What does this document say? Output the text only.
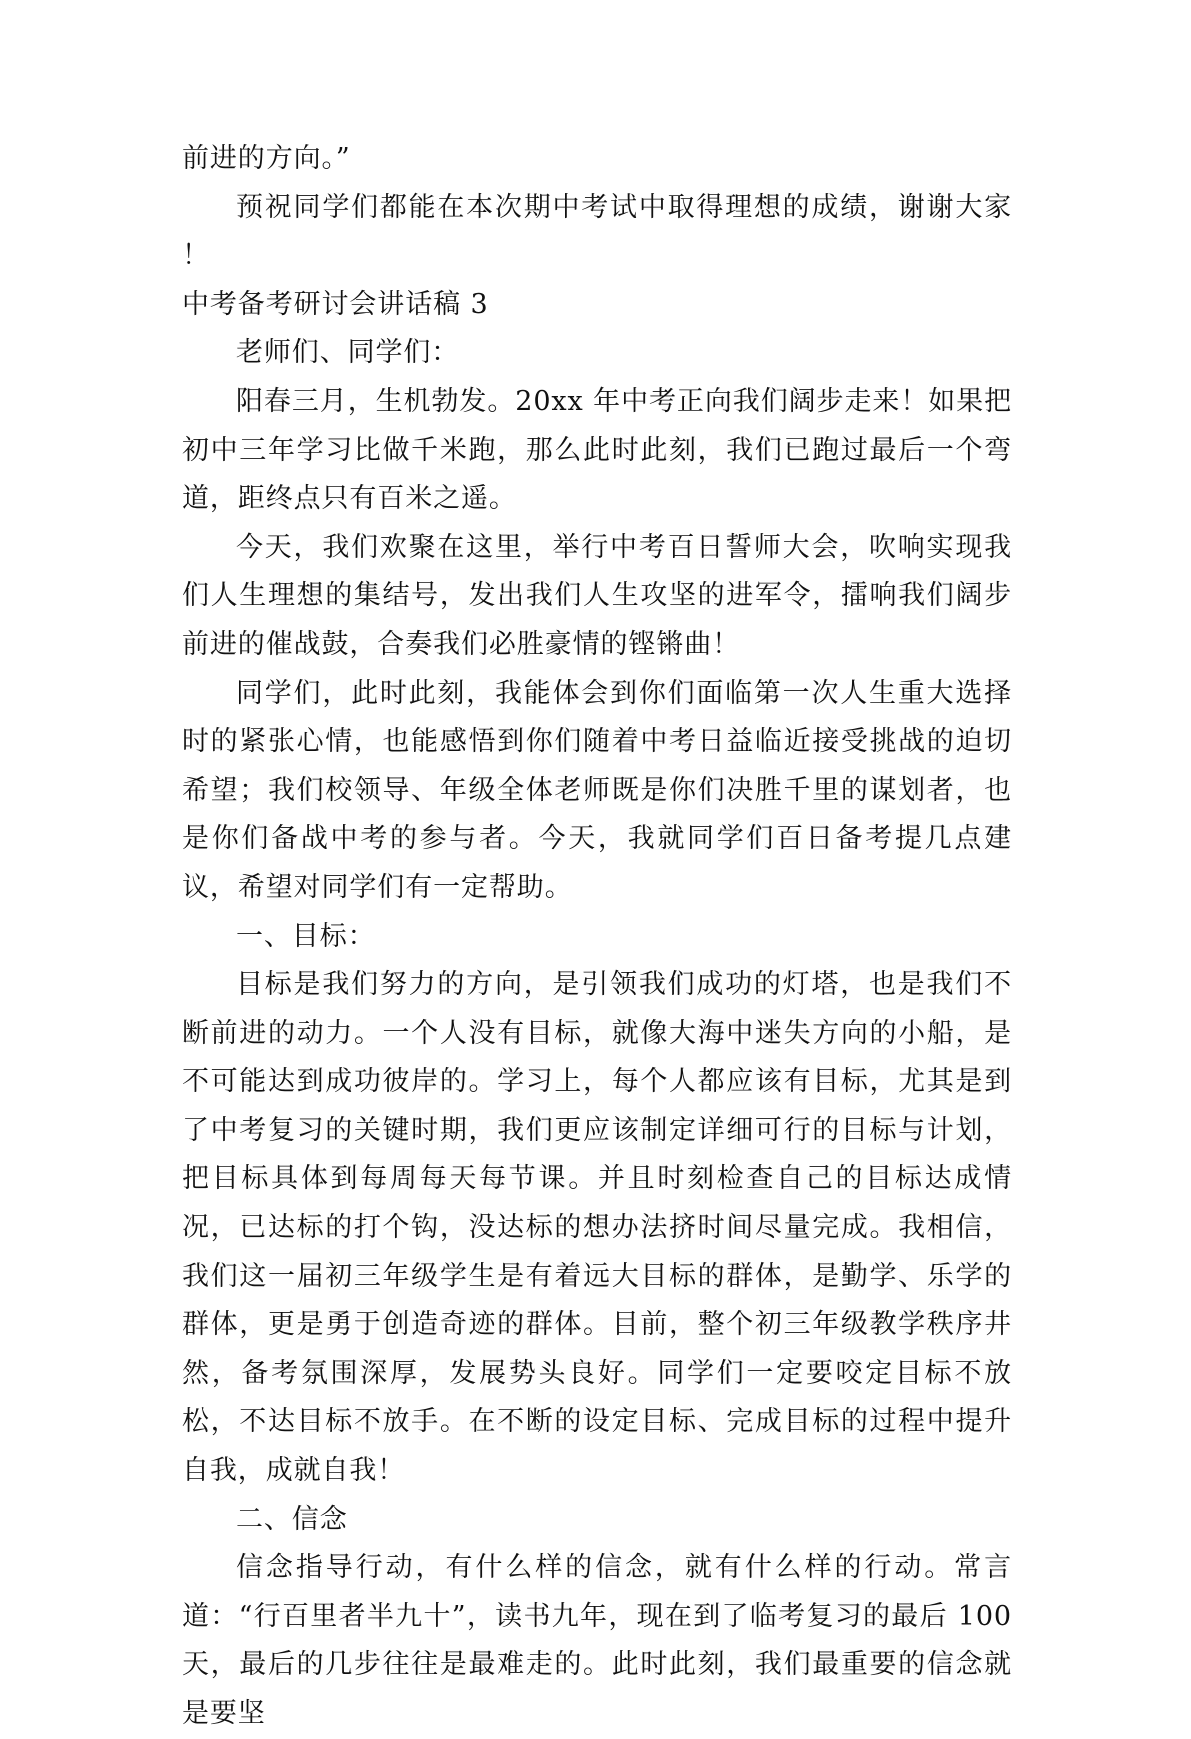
前进的方向。”

预祝同学们都能在本次期中考试中取得理想的成绩，谢谢大家 ！

中考备考研讨会讲话稿 3

老师们、同学们：

阳春三月，生机勃发。20xx 年中考正向我们阔步走来！如果把初中三年学习比做千米跑，那么此时此刻，我们已跑过最后一个弯道，距终点只有百米之遥。

今天，我们欢聚在这里，举行中考百日誓师大会，吹响实现我们人生理想的集结号，发出我们人生攻坚的进军令，擂响我们阔步前进的催战鼓，合奏我们必胜豪情的铿锵曲！

同学们，此时此刻，我能体会到你们面临第一次人生重大选择时的紧张心情，也能感悟到你们随着中考日益临近接受挑战的迫切希望；我们校领导、年级全体老师既是你们决胜千里的谋划者，也是你们备战中考的参与者。今天，我就同学们百日备考提几点建议，希望对同学们有一定帮助。

一、目标：

目标是我们努力的方向，是引领我们成功的灯塔，也是我们不断前进的动力。一个人没有目标，就像大海中迷失方向的小船，是不可能达到成功彼岸的。学习上，每个人都应该有目标，尤其是到了中考复习的关键时期，我们更应该制定详细可行的目标与计划，把目标具体到每周每天每节课。并且时刻检查自己的目标达成情况，已达标的打个钩，没达标的想办法挤时间尽量完成。我相信，我们这一届初三年级学生是有着远大目标的群体，是勤学、乐学的群体，更是勇于创造奇迹的群体。目前，整个初三年级教学秩序井然，备考氛围深厚，发展势头良好。同学们一定要咬定目标不放松，不达目标不放手。在不断的设定目标、完成目标的过程中提升自我，成就自我！

二、信念

信念指导行动，有什么样的信念，就有什么样的行动。常言道：“行百里者半九十”，读书九年，现在到了临考复习的最后 100 天，最后的几步往往是最难走的。此时此刻，我们最重要的信念就是要坚
